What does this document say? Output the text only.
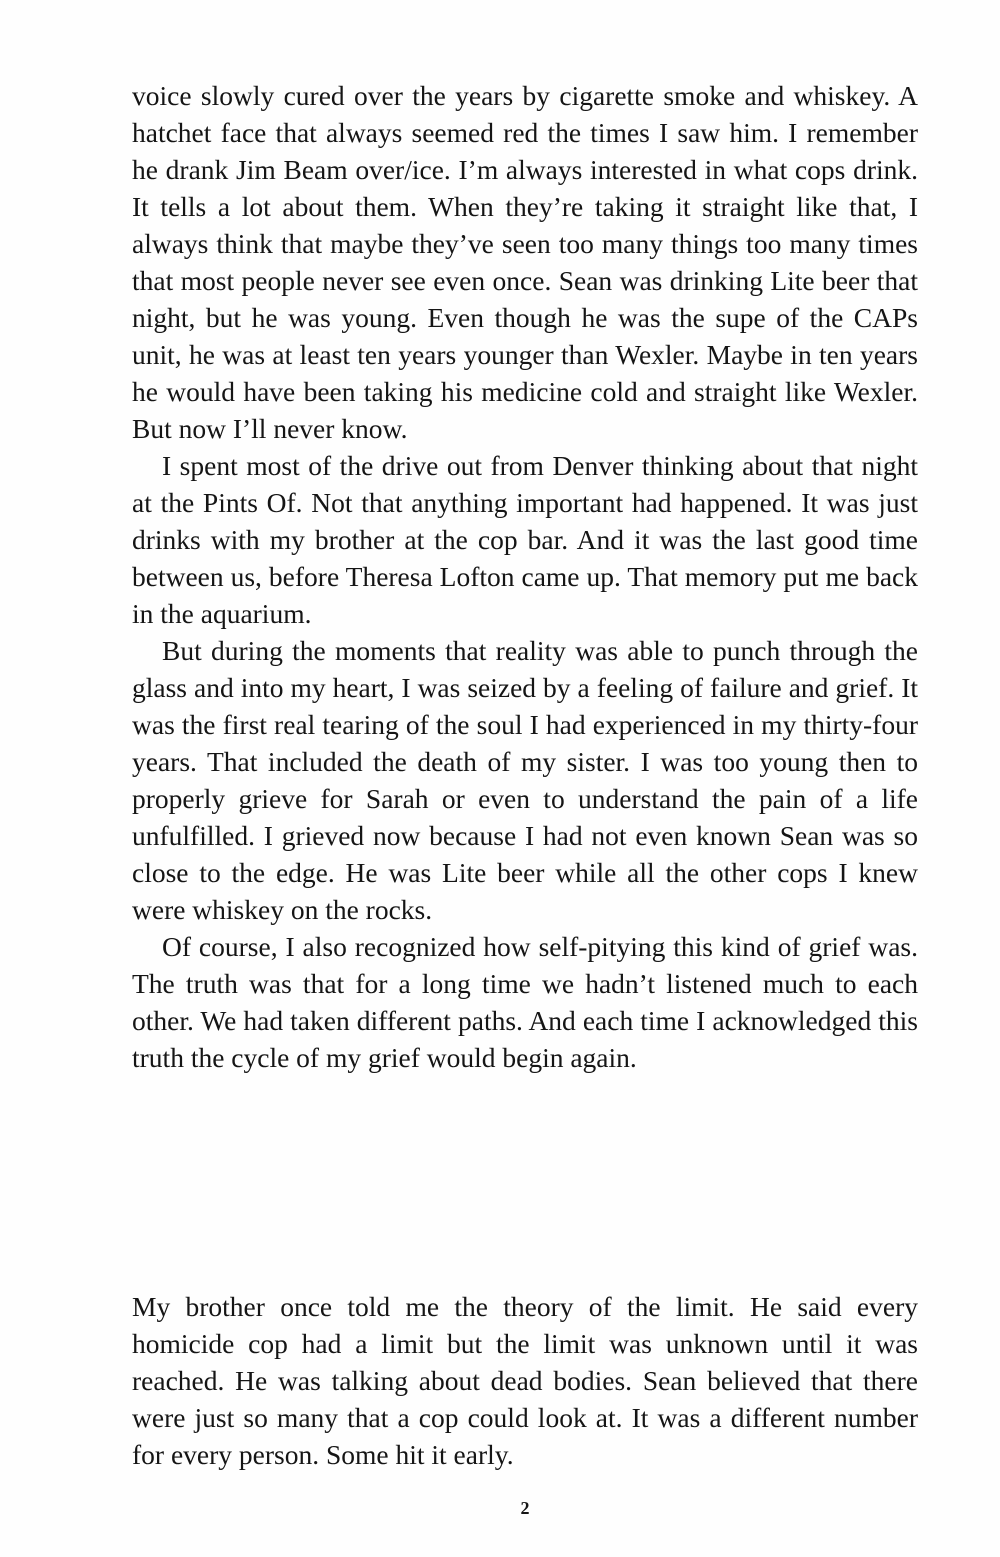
voice slowly cured over the years by cigarette smoke and whiskey. A hatchet face that always seemed red the times I saw him. I remember he drank Jim Beam over/ice. I’m always interested in what cops drink. It tells a lot about them. When they’re taking it straight like that, I always think that maybe they’ve seen too many things too many times that most people never see even once. Sean was drinking Lite beer that night, but he was young. Even though he was the supe of the CAPs unit, he was at least ten years younger than Wexler. Maybe in ten years he would have been taking his medicine cold and straight like Wexler. But now I’ll never know.

I spent most of the drive out from Denver thinking about that night at the Pints Of. Not that anything important had happened. It was just drinks with my brother at the cop bar. And it was the last good time between us, before Theresa Lofton came up. That memory put me back in the aquarium.

But during the moments that reality was able to punch through the glass and into my heart, I was seized by a feeling of failure and grief. It was the first real tearing of the soul I had experienced in my thirty-four years. That included the death of my sister. I was too young then to properly grieve for Sarah or even to understand the pain of a life unfulfilled. I grieved now because I had not even known Sean was so close to the edge. He was Lite beer while all the other cops I knew were whiskey on the rocks.

Of course, I also recognized how self-pitying this kind of grief was. The truth was that for a long time we hadn’t listened much to each other. We had taken different paths. And each time I acknowledged this truth the cycle of my grief would begin again.

My brother once told me the theory of the limit. He said every homicide cop had a limit but the limit was unknown until it was reached. He was talking about dead bodies. Sean believed that there were just so many that a cop could look at. It was a different number for every person. Some hit it early.

2
